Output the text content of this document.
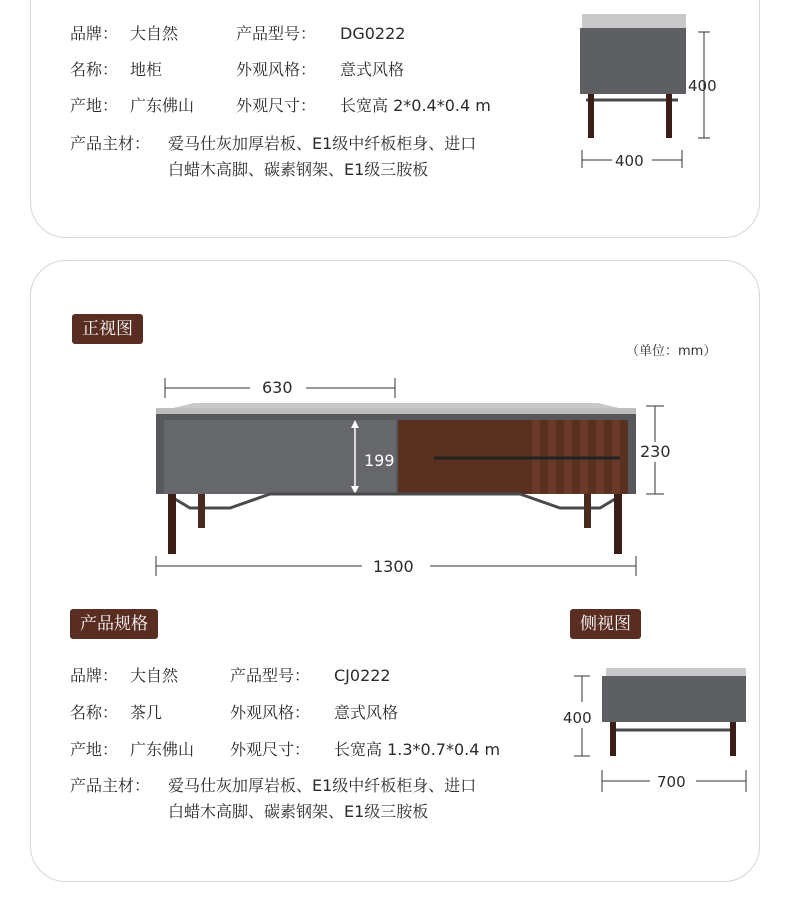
品牌： 大自然	产品型号： DG0222
名称： 地柜	外观风格： 意式风格
产地： 广东佛山	外观尺寸： 长宽高 2*0.4*0.4 m
产品主材： 爱马仕灰加厚岩板、E1级中纤板柜身、进口
白蜡木高脚、碳素钢架、E1级三胺板
400
400
正视图
（单位：mm）
630
199	230
1300
产品规格	侧视图
品牌： 大自然	产品型号： CJ0222
名称： 茶几	外观风格： 意式风格
产地： 广东佛山 外观尺寸： 长宽高 1.3*0.7*0.4 m
产品主材： 爱马仕灰加厚岩板、E1级中纤板柜身、进口
白蜡木高脚、碳素钢架、E1级三胺板
400
700
